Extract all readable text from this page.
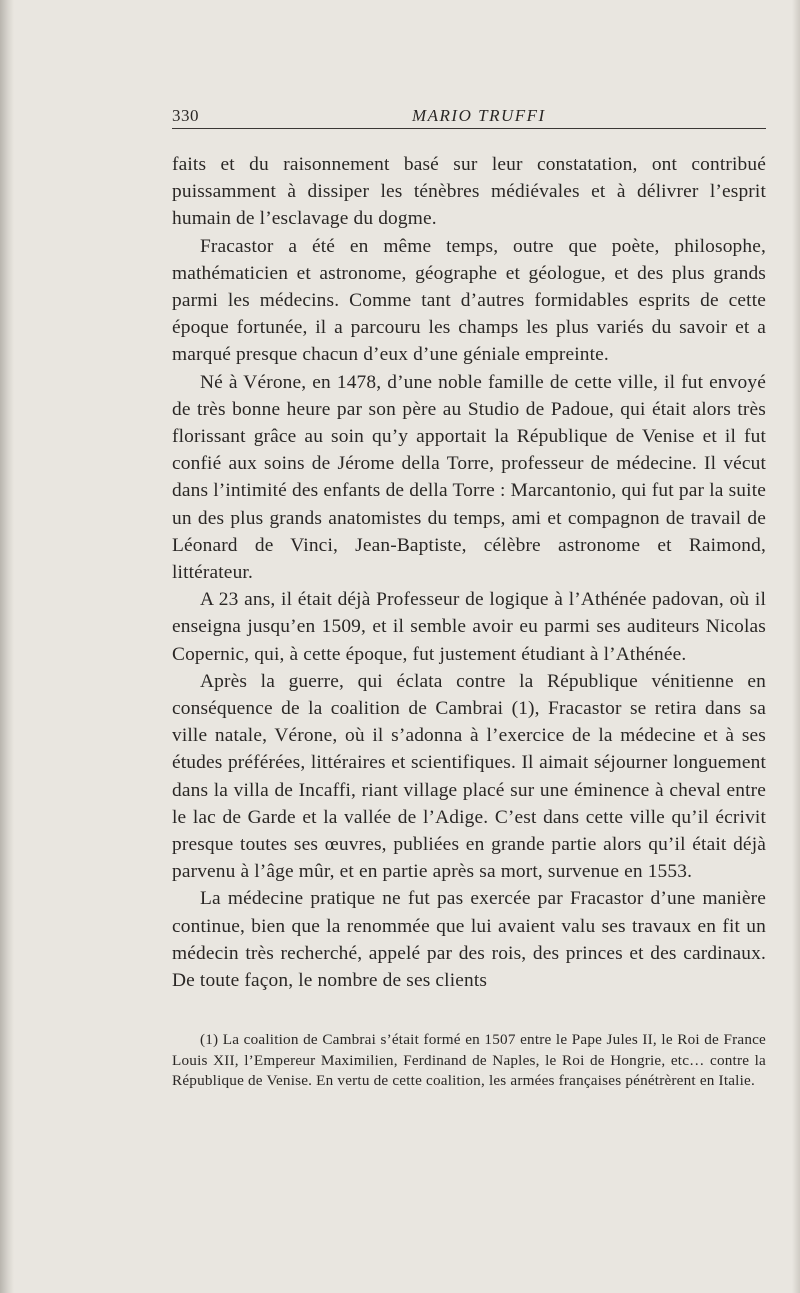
330	MARIO TRUFFI

faits et du raisonnement basé sur leur constatation, ont contribué puissamment à dissiper les ténèbres médiévales et à délivrer l’esprit humain de l’esclavage du dogme.

Fracastor a été en même temps, outre que poète, philosophe, mathématicien et astronome, géographe et géologue, et des plus grands parmi les médecins. Comme tant d’autres formidables esprits de cette époque fortunée, il a parcouru les champs les plus variés du savoir et a marqué presque chacun d’eux d’une géniale empreinte.

Né à Vérone, en 1478, d’une noble famille de cette ville, il fut envoyé de très bonne heure par son père au Studio de Padoue, qui était alors très florissant grâce au soin qu’y apportait la République de Venise et il fut confié aux soins de Jérome della Torre, professeur de médecine. Il vécut dans l’intimité des enfants de della Torre : Marcantonio, qui fut par la suite un des plus grands anatomistes du temps, ami et compagnon de travail de Léonard de Vinci, Jean-Baptiste, célèbre astronome et Raimond, littérateur.

A 23 ans, il était déjà Professeur de logique à l’Athénée padovan, où il enseigna jusqu’en 1509, et il semble avoir eu parmi ses auditeurs Nicolas Copernic, qui, à cette époque, fut justement étudiant à l’Athénée.

Après la guerre, qui éclata contre la République vénitienne en conséquence de la coalition de Cambrai (1), Fracastor se retira dans sa ville natale, Vérone, où il s’adonna à l’exercice de la médecine et à ses études préférées, littéraires et scientifiques. Il aimait séjourner longuement dans la villa de Incaffi, riant village placé sur une éminence à cheval entre le lac de Garde et la vallée de l’Adige. C’est dans cette ville qu’il écrivit presque toutes ses œuvres, publiées en grande partie alors qu’il était déjà parvenu à l’âge mûr, et en partie après sa mort, survenue en 1553.

La médecine pratique ne fut pas exercée par Fracastor d’une manière continue, bien que la renommée que lui avaient valu ses travaux en fit un médecin très recherché, appelé par des rois, des princes et des cardinaux. De toute façon, le nombre de ses clients

(1) La coalition de Cambrai s’était formé en 1507 entre le Pape Jules II, le Roi de France Louis XII, l’Empereur Maximilien, Ferdinand de Naples, le Roi de Hongrie, etc… contre la République de Venise. En vertu de cette coalition, les armées françaises pénétrèrent en Italie.
